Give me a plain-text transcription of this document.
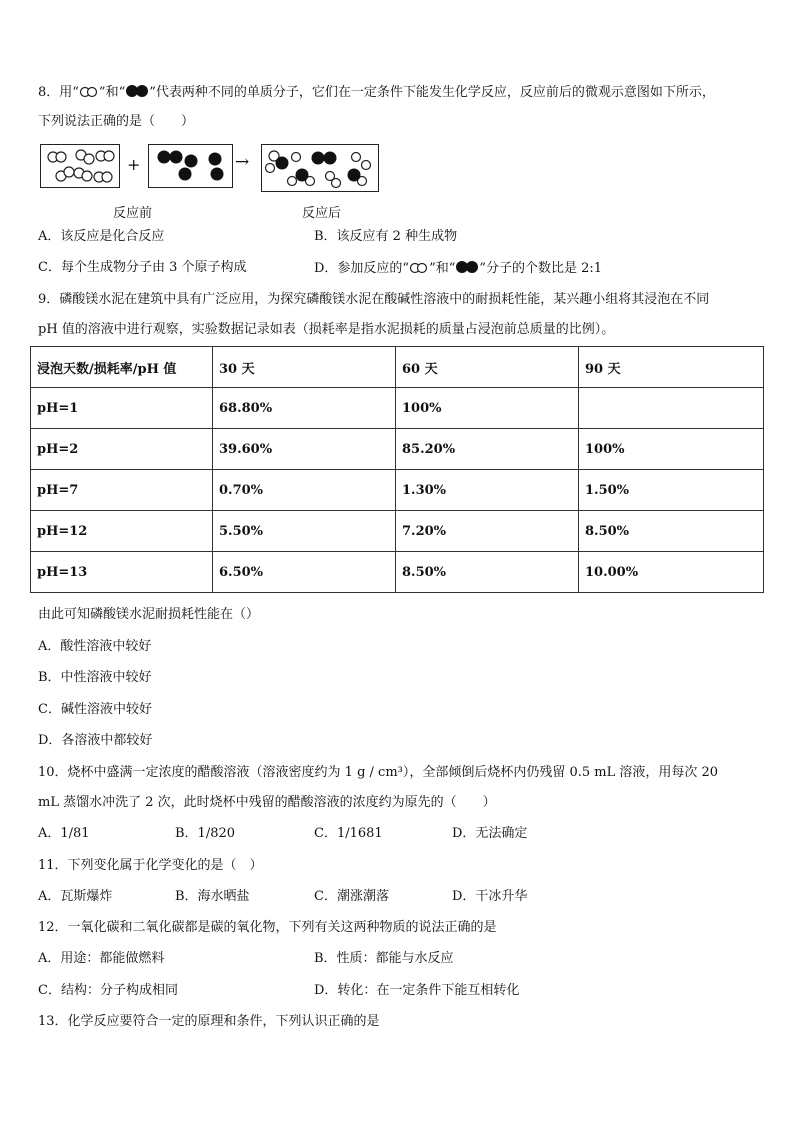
8．用“ ”和“ ”代表两种不同的单质分子，它们在一定条件下能发生化学反应，反应前后的微观示意图如下所示，
下列说法正确的是（　　）
+	→
反应前	反应后
A．该反应是化合反应	B．该反应有 2 种生成物
C．每个生成物分子由 3 个原子构成	D．参加反应的“ ”和“ ”分子的个数比是 2:1
9．磷酸镁水泥在建筑中具有广泛应用，为探究磷酸镁水泥在酸碱性溶液中的耐损耗性能，某兴趣小组将其浸泡在不同
pH 值的溶液中进行观察，实验数据记录如表（损耗率是指水泥损耗的质量占浸泡前总质量的比例）。
浸泡天数/损耗率/pH 值	30 天	60 天	90 天
pH=1	68.80%	100%	
pH=2	39.60%	85.20%	100%
pH=7	0.70%	1.30%	1.50%
pH=12	5.50%	7.20%	8.50%
pH=13	6.50%	8.50%	10.00%
由此可知磷酸镁水泥耐损耗性能在（）
A．酸性溶液中较好
B．中性溶液中较好
C．碱性溶液中较好
D．各溶液中都较好
10．烧杯中盛满一定浓度的醋酸溶液（溶液密度约为 1 g / cm³），全部倾倒后烧杯内仍残留 0.5 mL 溶液，用每次 20
mL 蒸馏水冲洗了 2 次，此时烧杯中残留的醋酸溶液的浓度约为原先的（　　）
A．1/81	B．1/820	C．1/1681	D．无法确定
11．下列变化属于化学变化的是（　）
A．瓦斯爆炸	B．海水晒盐	C．潮涨潮落	D．干冰升华
12．一氧化碳和二氧化碳都是碳的氧化物，下列有关这两种物质的说法正确的是
A．用途：都能做燃料	B．性质：都能与水反应
C．结构：分子构成相同	D．转化：在一定条件下能互相转化
13．化学反应要符合一定的原理和条件，下列认识正确的是
